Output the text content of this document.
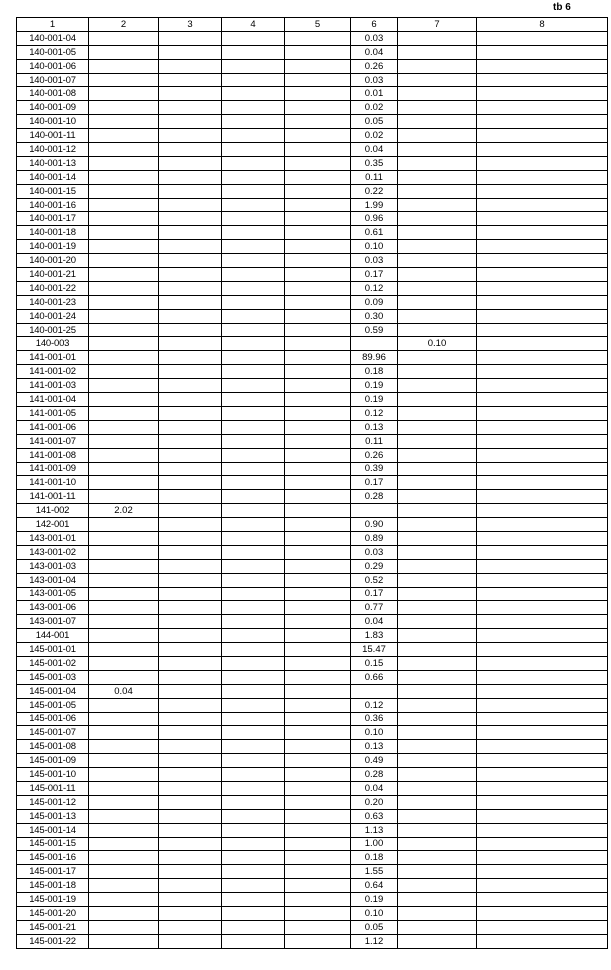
tb 6
1	2	3	4	5	6	7	8
140-001-04					0.03		
140-001-05					0.04		
140-001-06					0.26		
140-001-07					0.03		
140-001-08					0.01		
140-001-09					0.02		
140-001-10					0.05		
140-001-11					0.02		
140-001-12					0.04		
140-001-13					0.35		
140-001-14					0.11		
140-001-15					0.22		
140-001-16					1.99		
140-001-17					0.96		
140-001-18					0.61		
140-001-19					0.10		
140-001-20					0.03		
140-001-21					0.17		
140-001-22					0.12		
140-001-23					0.09		
140-001-24					0.30		
140-001-25					0.59		
140-003						0.10	
141-001-01					89.96		
141-001-02					0.18		
141-001-03					0.19		
141-001-04					0.19		
141-001-05					0.12		
141-001-06					0.13		
141-001-07					0.11		
141-001-08					0.26		
141-001-09					0.39		
141-001-10					0.17		
141-001-11					0.28		
141-002	2.02						
142-001					0.90		
143-001-01					0.89		
143-001-02					0.03		
143-001-03					0.29		
143-001-04					0.52		
143-001-05					0.17		
143-001-06					0.77		
143-001-07					0.04		
144-001					1.83		
145-001-01					15.47		
145-001-02					0.15		
145-001-03					0.66		
145-001-04	0.04						
145-001-05					0.12		
145-001-06					0.36		
145-001-07					0.10		
145-001-08					0.13		
145-001-09					0.49		
145-001-10					0.28		
145-001-11					0.04		
145-001-12					0.20		
145-001-13					0.63		
145-001-14					1.13		
145-001-15					1.00		
145-001-16					0.18		
145-001-17					1.55		
145-001-18					0.64		
145-001-19					0.19		
145-001-20					0.10		
145-001-21					0.05		
145-001-22					1.12		
